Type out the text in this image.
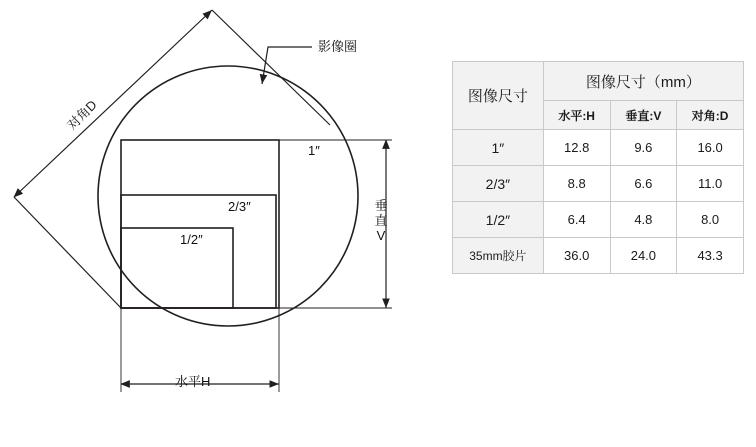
影像圈
对角D
垂直V
水平H
1″
2/3″
1/2″
图像尺寸	图像尺寸（mm）		
	水平:H	垂直:V	对角:D
1″	12.8	9.6	16.0
2/3″	8.8	6.6	11.0
1/2″	6.4	4.8	8.0
35mm胶片	36.0	24.0	43.3
